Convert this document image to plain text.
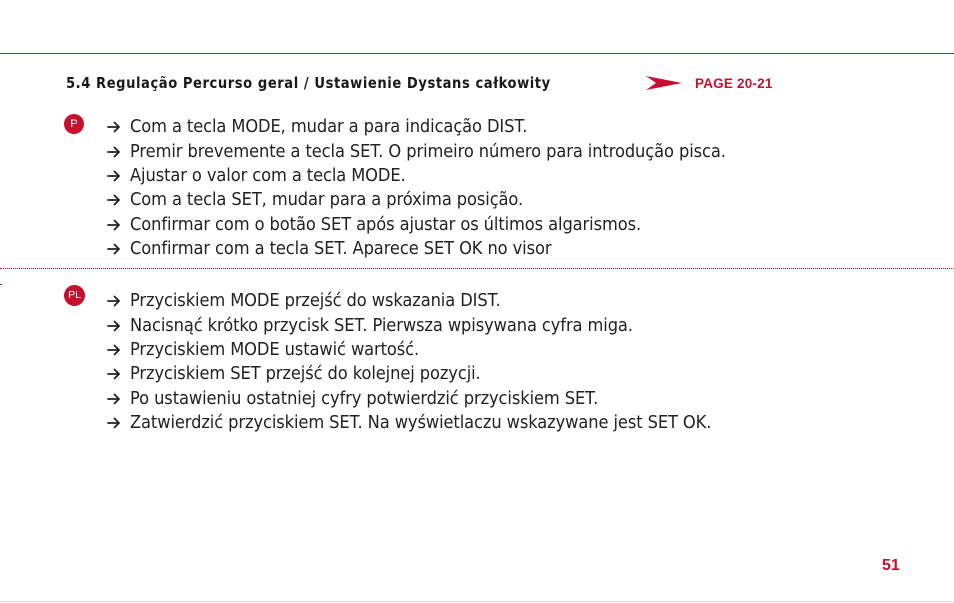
5.4 Regulação Percurso geral / Ustawienie Dystans całkowity	PAGE 20-21
P	Com a tecla MODE, mudar a para indicação DIST.
Premir brevemente a tecla SET. O primeiro número para introdução pisca.
Ajustar o valor com a tecla MODE.
Com a tecla SET, mudar para a próxima posição.
Confirmar com o botão SET após ajustar os últimos algarismos.
Confirmar com a tecla SET. Aparece SET OK no visor
PL	Przyciskiem MODE przejść do wskazania DIST.
Nacisnąć krótko przycisk SET. Pierwsza wpisywana cyfra miga.
Przyciskiem MODE ustawić wartość.
Przyciskiem SET przejść do kolejnej pozycji.
Po ustawieniu ostatniej cyfry potwierdzić przyciskiem SET.
Zatwierdzić przyciskiem SET. Na wyświetlaczu wskazywane jest SET OK.
51
